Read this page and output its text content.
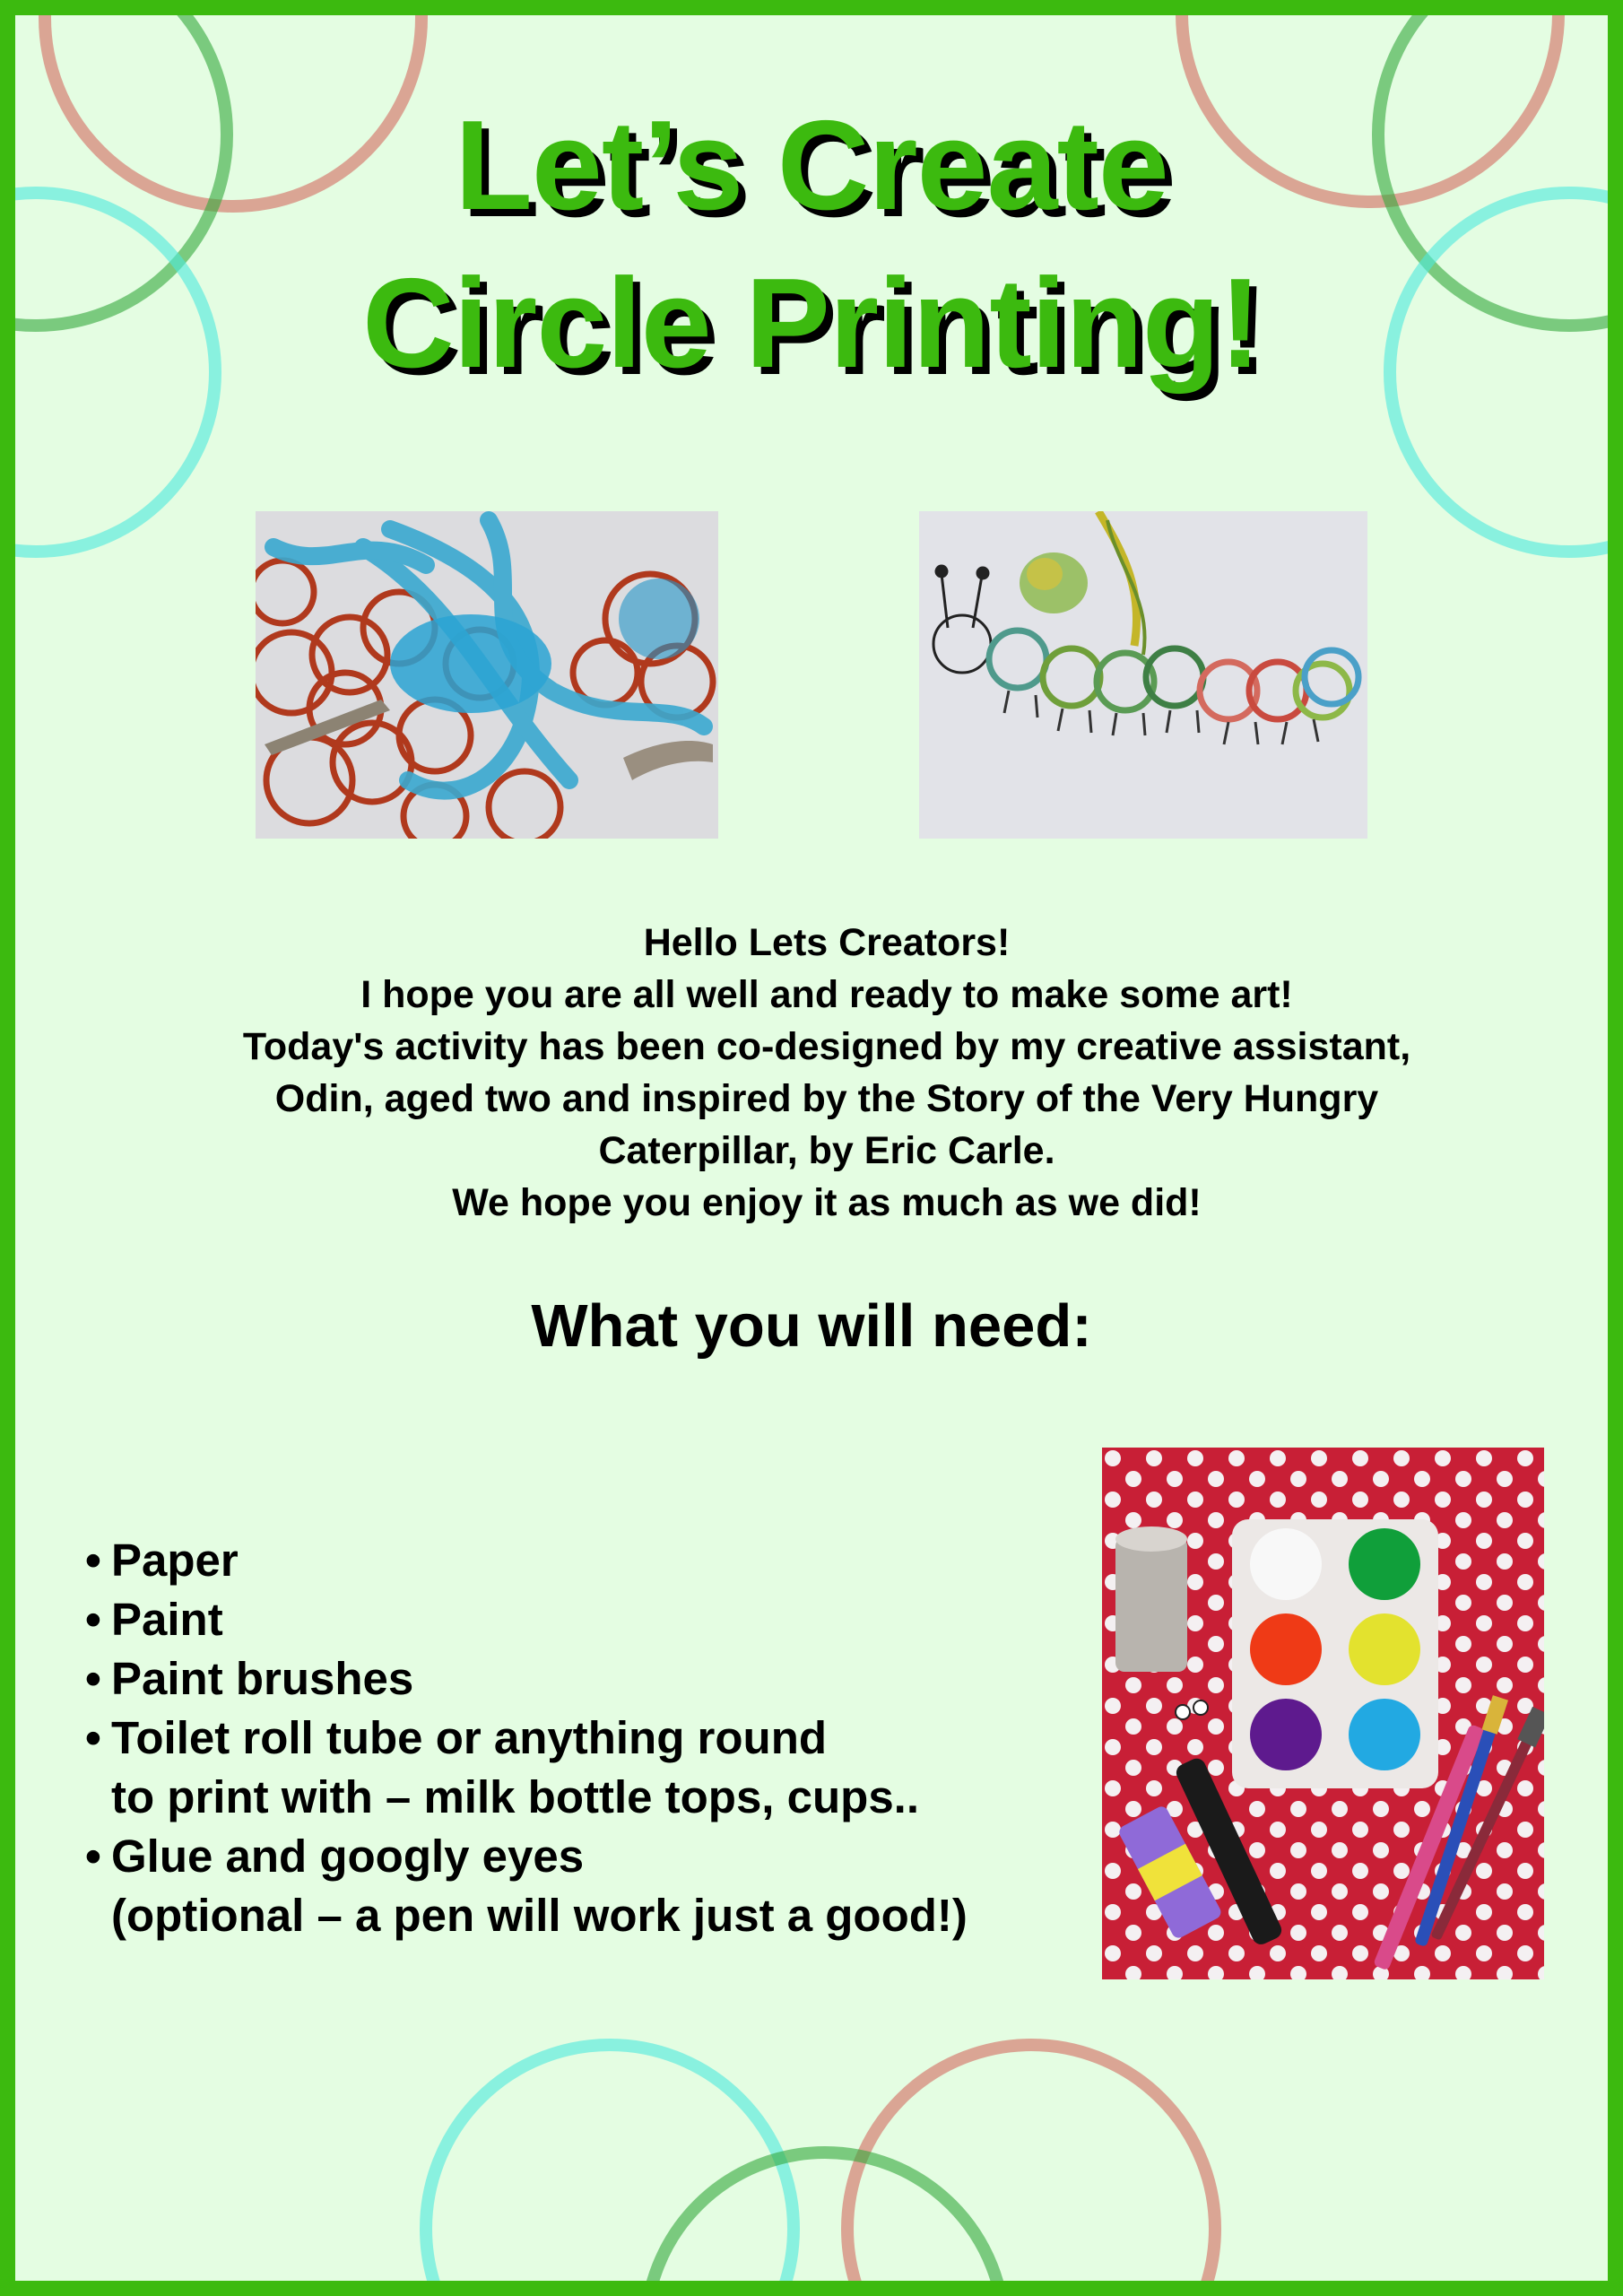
Let’s Create
Circle Printing!
Hello Lets Creators!
I hope you are all well and ready to make some art!
Today's activity has been co-designed by my creative assistant,
Odin, aged two and inspired by the Story of the Very Hungry
Caterpillar, by Eric Carle.
We hope you enjoy it as much as we did!
What you will need:
• Paper
• Paint
• Paint brushes
• Toilet roll tube or anything round
to print with – milk bottle tops, cups..
• Glue and googly eyes
(optional – a pen will work just a good!)
